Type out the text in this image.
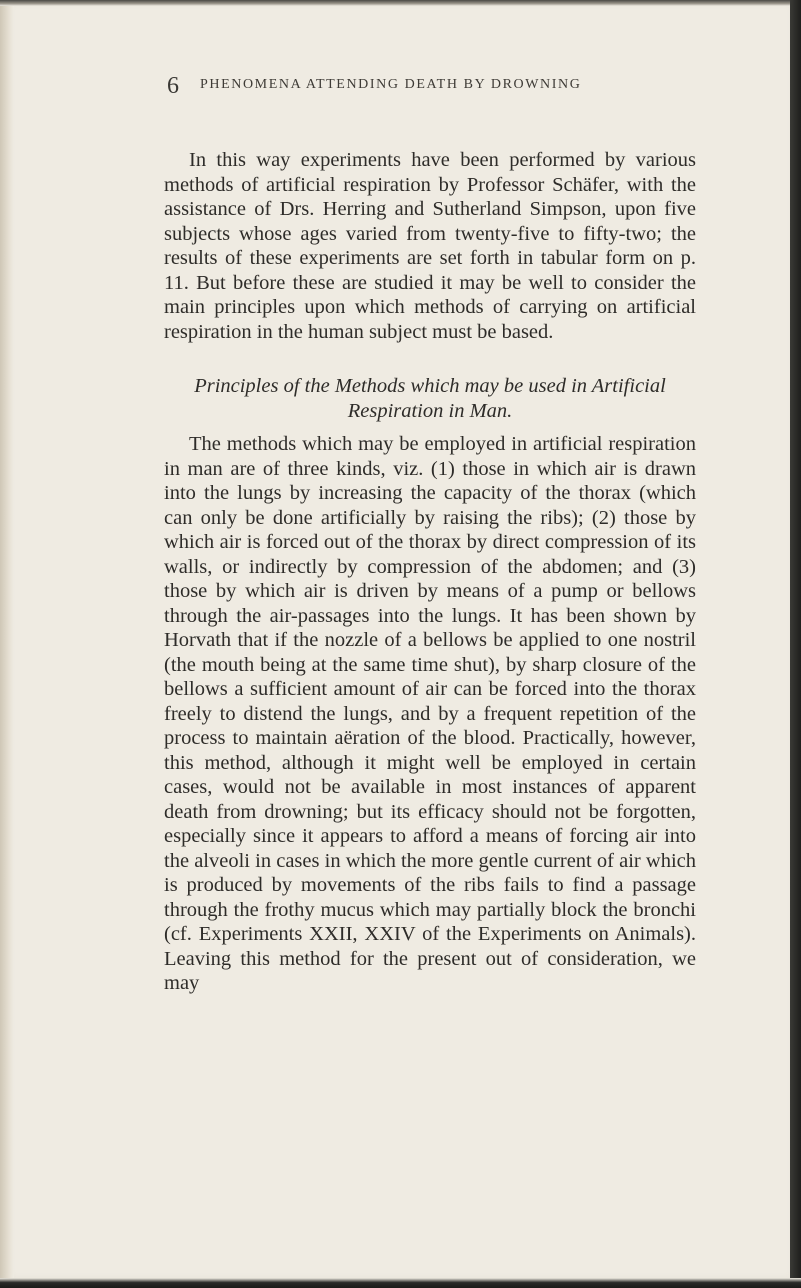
6 PHENOMENA ATTENDING DEATH BY DROWNING

In this way experiments have been performed by various methods of artificial respiration by Professor Schäfer, with the assistance of Drs. Herring and Sutherland Simpson, upon five subjects whose ages varied from twenty-five to fifty-two; the results of these experiments are set forth in tabular form on p. 11. But before these are studied it may be well to consider the main principles upon which methods of carrying on artificial respiration in the human subject must be based.

Principles of the Methods which may be used in Artificial Respiration in Man.

The methods which may be employed in artificial respiration in man are of three kinds, viz. (1) those in which air is drawn into the lungs by increasing the capacity of the thorax (which can only be done artificially by raising the ribs); (2) those by which air is forced out of the thorax by direct compression of its walls, or indirectly by compression of the abdomen; and (3) those by which air is driven by means of a pump or bellows through the air-passages into the lungs. It has been shown by Horvath that if the nozzle of a bellows be applied to one nostril (the mouth being at the same time shut), by sharp closure of the bellows a sufficient amount of air can be forced into the thorax freely to distend the lungs, and by a frequent repetition of the process to maintain aëration of the blood. Practically, however, this method, although it might well be employed in certain cases, would not be available in most instances of apparent death from drowning; but its efficacy should not be forgotten, especially since it appears to afford a means of forcing air into the alveoli in cases in which the more gentle current of air which is produced by movements of the ribs fails to find a passage through the frothy mucus which may partially block the bronchi (cf. Experiments XXII, XXIV of the Experiments on Animals). Leaving this method for the present out of consideration, we may
